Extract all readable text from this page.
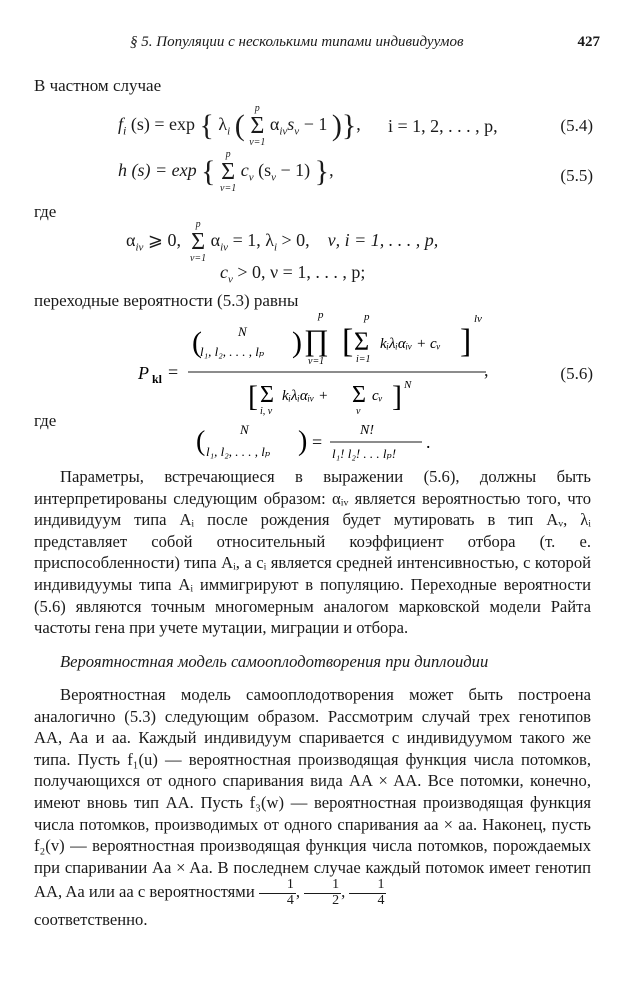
§ 5. Популяции с несколькими типами индивидуумов	427
В частном случае
$f_i$ (s) = exp { $\lambda_i$ (
p
Σ
ν=1
$\alpha_{i\nu}s_\nu - 1$ )}, i = 1, 2, . . . , p,	(5.4)
h (s) = exp {
p
Σ
ν=1
$c_\nu$ $(s_\nu - 1)$ },	(5.5)
где
$\alpha_{i\nu}$ ⩾ 0,
p
Σ
ν=1
$\alpha_{i\nu} = 1$, $\lambda_i > 0$, ν, i = 1, . . . , p,
$c_\nu > 0$, ν = 1, . . . , p;
переходные вероятности (5.3) равны
P kl =
(	N
l₁, l₂, . . . , lₚ )
p
∏
ν=1
[
p
Σ
i=1
kᵢλᵢαᵢᵥ + cᵥ ]
lν
[ Σ
i, ν
kᵢλᵢαᵢᵥ + Σ
ν
cᵥ ] N
,	(5.6)
где
(	N
l₁, l₂, . . . , lₚ ) =
N!
l₁! l₂! . . . lₚ!
.

Параметры, встречающиеся в выражении (5.6), должны быть интерпретированы следующим образом: αᵢᵥ является вероятностью того, что индивидуум типа Aᵢ после рождения будет мутировать в тип Aᵥ, λᵢ представляет собой относительный коэффициент отбора (т. е. приспособленности) типа Aᵢ, а cᵢ является средней интенсивностью, с которой индивидуумы типа Aᵢ иммигрируют в популяцию. Переходные вероятности (5.6) являются точным многомерным аналогом марковской модели Райта частоты гена при учете мутации, миграции и отбора.

Вероятностная модель самооплодотворения при диплоидии

Вероятностная модель самооплодотворения может быть построена аналогично (5.3) следующим образом. Рассмотрим случай трех генотипов AA, Aa и aa. Каждый индивидуум спаривается с индивидуумом такого же типа. Пусть f₁(u) — вероятностная производящая функция числа потомков, получающихся от одного спаривания вида AA × AA. Все потомки, конечно, имеют вновь тип AA. Пусть f₃(w) — вероятностная производящая функция числа потомков, производимых от одного спаривания aa × aa. Наконец, пусть f₂(v) — вероятностная производящая функция числа потомков, порождаемых при спаривании Aa × Aa. В последнем случае каждый потомок имеет генотип AA, Aa или aa с вероятностями $\frac{1}{4}$ , $\frac{1}{2}$ , $\frac{1}{4}$

соответственно.
